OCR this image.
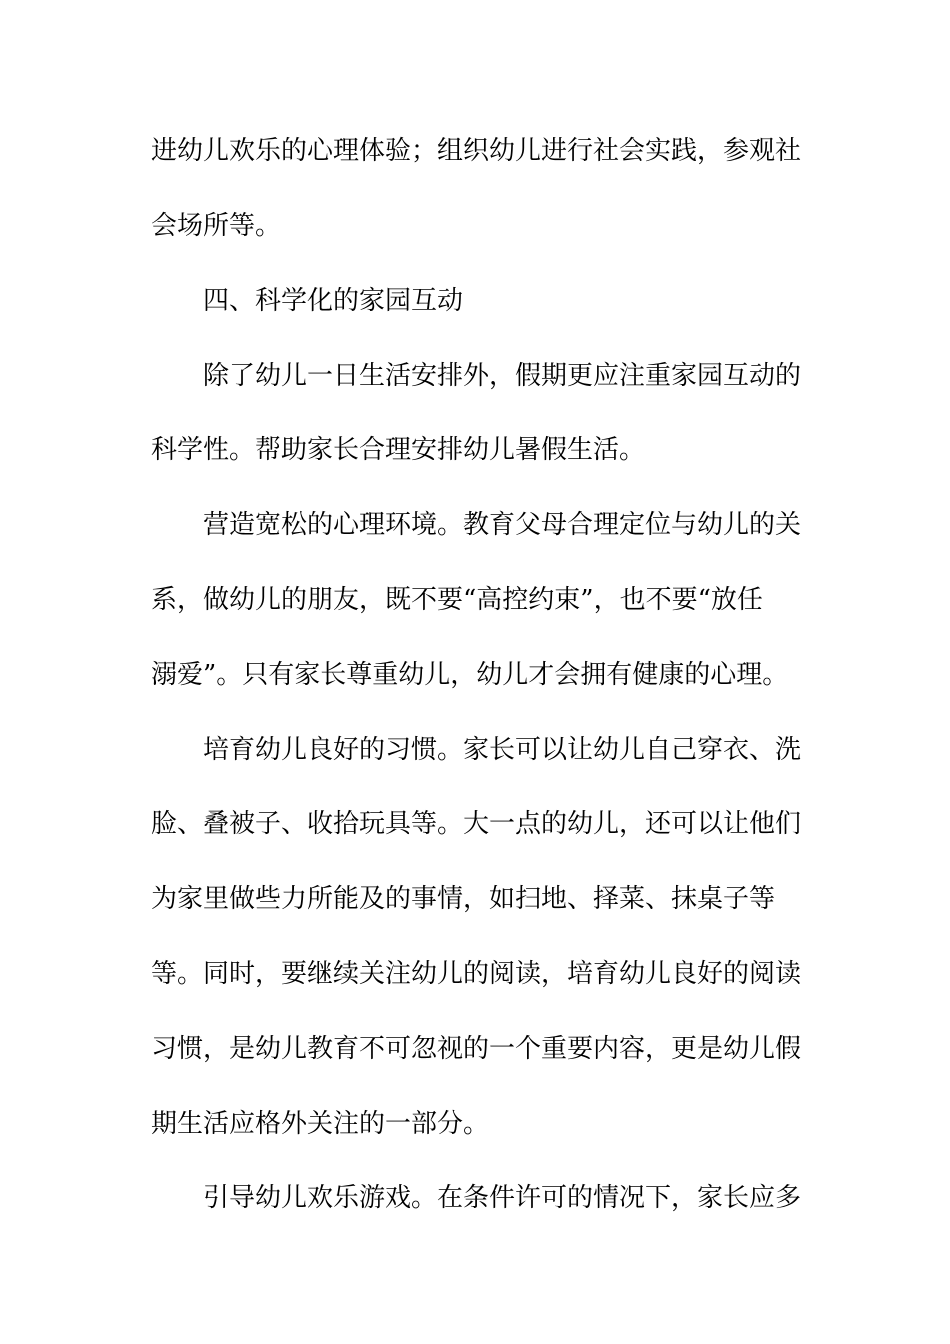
进幼儿欢乐的心理体验；组织幼儿进行社会实践，参观社
会场所等。
四、科学化的家园互动
除了幼儿一日生活安排外，假期更应注重家园互动的
科学性。帮助家长合理安排幼儿暑假生活。
营造宽松的心理环境。教育父母合理定位与幼儿的关
系，做幼儿的朋友，既不要“高控约束”，也不要“放任
溺爱”。只有家长尊重幼儿，幼儿才会拥有健康的心理。
培育幼儿良好的习惯。家长可以让幼儿自己穿衣、洗
脸、叠被子、收拾玩具等。大一点的幼儿，还可以让他们
为家里做些力所能及的事情，如扫地、择菜、抹桌子等
等。同时，要继续关注幼儿的阅读，培育幼儿良好的阅读
习惯，是幼儿教育不可忽视的一个重要内容，更是幼儿假
期生活应格外关注的一部分。
引导幼儿欢乐游戏。在条件许可的情况下，家长应多
